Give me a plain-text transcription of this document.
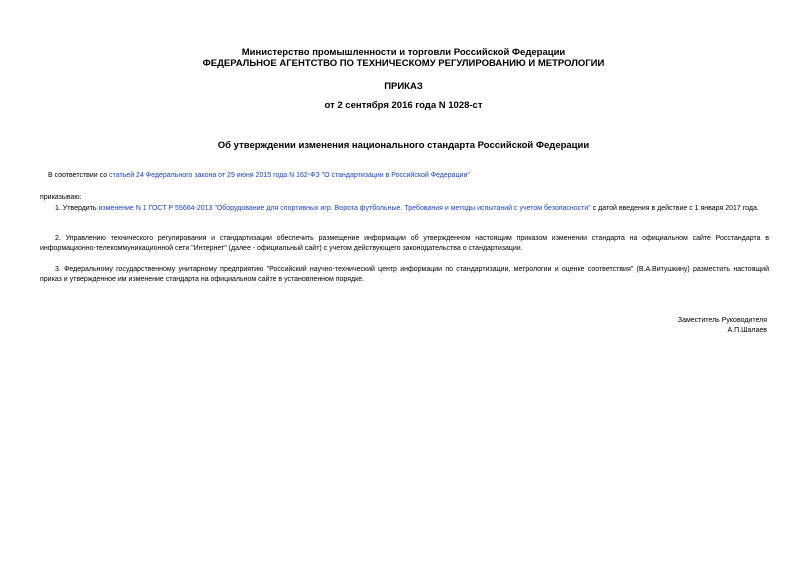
Министерство промышленности и торговли Российской Федерации
ФЕДЕРАЛЬНОЕ АГЕНТСТВО ПО ТЕХНИЧЕСКОМУ РЕГУЛИРОВАНИЮ И МЕТРОЛОГИИ
ПРИКАЗ
от 2 сентября 2016 года N 1028-ст
Об утверждении изменения национального стандарта Российской Федерации
В соответствии со статьей 24 Федерального закона от 29 июня 2015 года N 162-ФЗ "О стандартизации в Российской Федерации"
приказываю:
1. Утвердить изменение N 1 ГОСТ Р 55664-2013 "Оборудование для спортивных игр. Ворота футбольные. Требования и методы испытаний с учетом безопасности" с датой введения в действие с 1 января 2017 года.
2. Управлению технического регулирования и стандартизации обеспечить размещение информации об утвержденном настоящим приказом изменении стандарта на официальном сайте Росстандарта в информационно-телекоммуникационной сети "Интернет" (далее - официальный сайт) с учетом действующего законодательства о стандартизации.
3. Федеральному государственному унитарному предприятию "Российский научно-технический центр информации по стандартизации, метрологии и оценке соответствия" (В.А.Витушкину) разместить настоящий приказ и утвержденное им изменение стандарта на официальном сайте в установленном порядке.
Заместитель Руководителя
А.П.Шалаев
